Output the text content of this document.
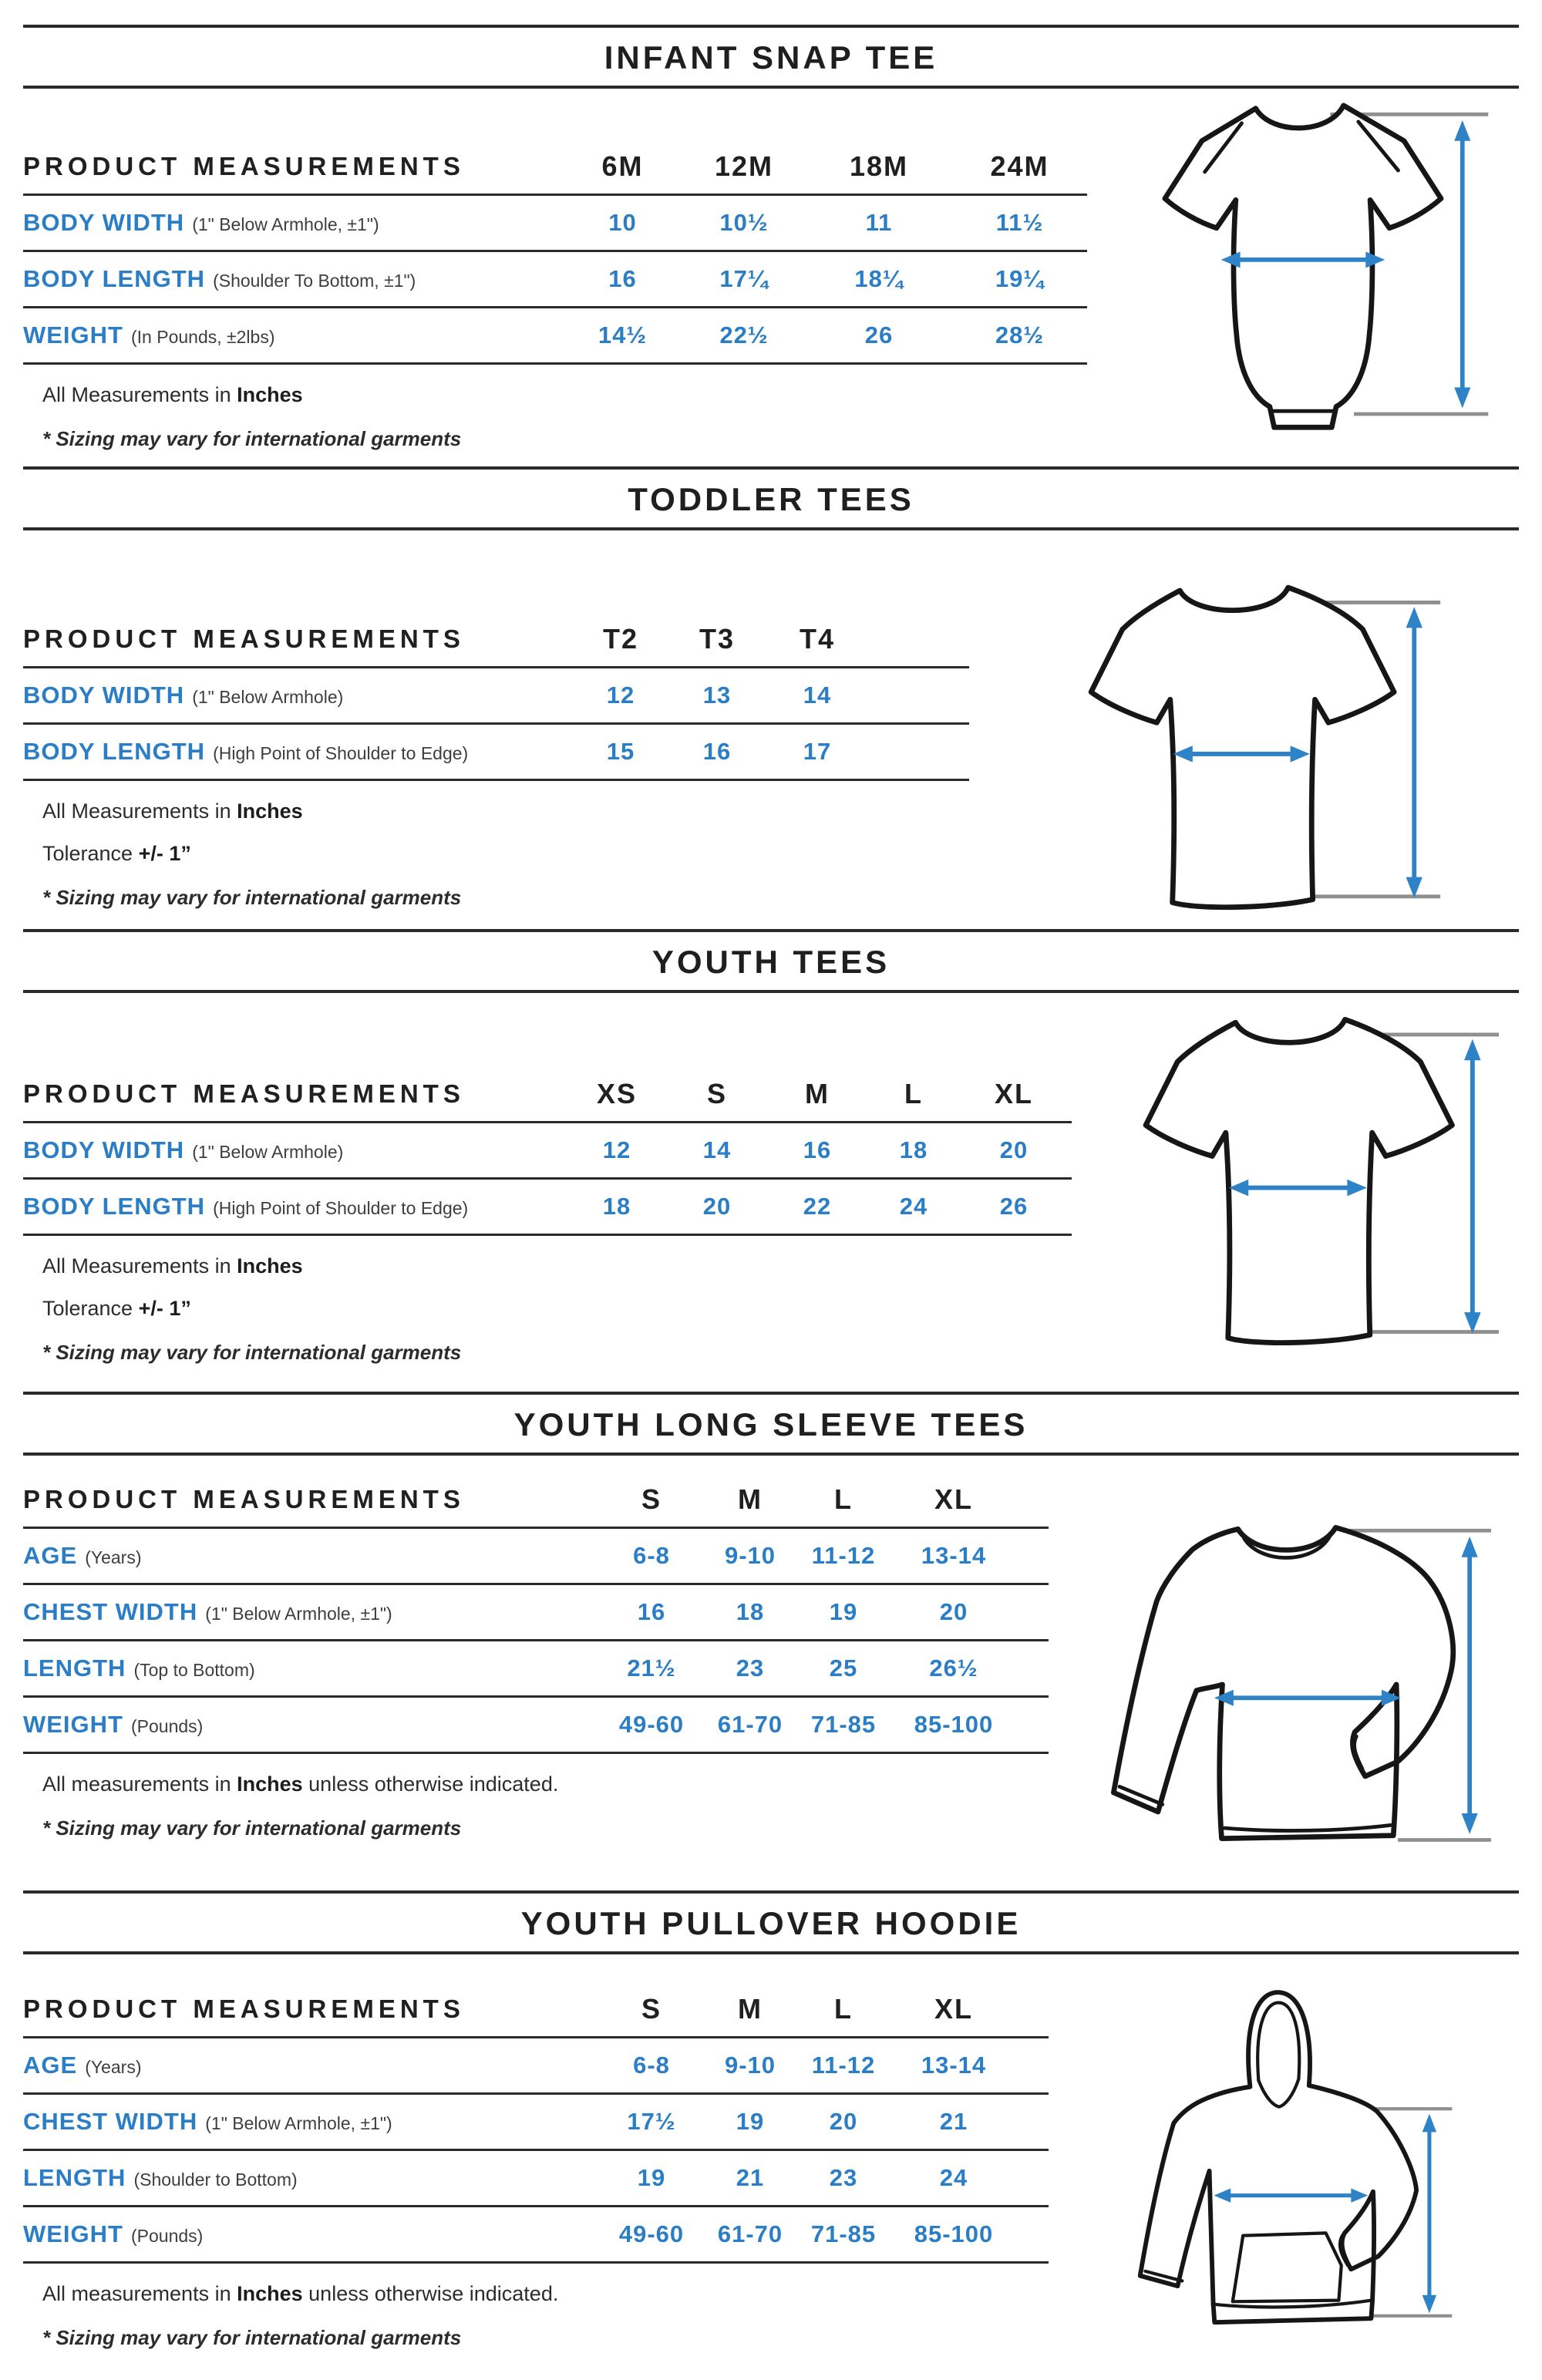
INFANT SNAP TEE
PRODUCT MEASUREMENTS	6M	12M	18M	24M
BODY WIDTH (1" Below Armhole, ±1")	10	10½	11	11½
BODY LENGTH (Shoulder To Bottom, ±1")	16	17¼	18¼	19¼
WEIGHT (In Pounds, ±2lbs)	14½	22½	26	28½

All Measurements in Inches

* Sizing may vary for international garments

TODDLER TEES
PRODUCT MEASUREMENTS	T2	T3	T4	
BODY WIDTH (1" Below Armhole)	12	13	14	
BODY LENGTH (High Point of Shoulder to Edge)	15	16	17	

All Measurements in Inches

Tolerance +/- 1”

* Sizing may vary for international garments

YOUTH TEES
PRODUCT MEASUREMENTS	XS	S	M	L	XL
BODY WIDTH (1" Below Armhole)	12	14	16	18	20
BODY LENGTH (High Point of Shoulder to Edge)	18	20	22	24	26

All Measurements in Inches

Tolerance +/- 1”

* Sizing may vary for international garments

YOUTH LONG SLEEVE TEES
PRODUCT MEASUREMENTS	S	M	L	XL	
AGE (Years)	6-8	9-10	11-12	13-14	
CHEST WIDTH (1" Below Armhole, ±1")	16	18	19	20	
LENGTH (Top to Bottom)	21½	23	25	26½	
WEIGHT (Pounds)	49-60	61-70	71-85	85-100	

All measurements in Inches unless otherwise indicated.

* Sizing may vary for international garments

YOUTH PULLOVER HOODIE
PRODUCT MEASUREMENTS	S	M	L	XL	
AGE (Years)	6-8	9-10	11-12	13-14	
CHEST WIDTH (1" Below Armhole, ±1")	17½	19	20	21	
LENGTH (Shoulder to Bottom)	19	21	23	24	
WEIGHT (Pounds)	49-60	61-70	71-85	85-100	

All measurements in Inches unless otherwise indicated.

* Sizing may vary for international garments
